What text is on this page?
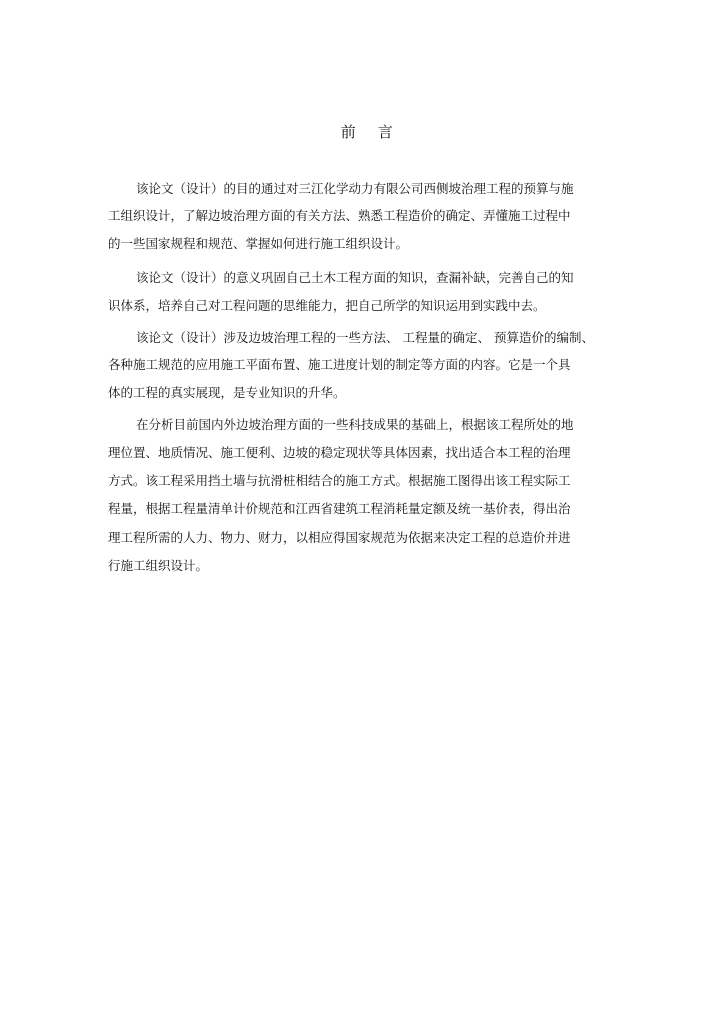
前 言

该论文（设计）的目的通过对三江化学动力有限公司西侧坡治理工程的预算与施
工组织设计，了解边坡治理方面的有关方法、熟悉工程造价的确定、弄懂施工过程中
的一些国家规程和规范、掌握如何进行施工组织设计。
该论文（设计）的意义巩固自己土木工程方面的知识，查漏补缺，完善自己的知
识体系，培养自己对工程问题的思维能力，把自己所学的知识运用到实践中去。
该论文（设计）涉及边坡治理工程的一些方法、 工程量的确定、 预算造价的编制、
各种施工规范的应用施工平面布置、施工进度计划的制定等方面的内容。它是一个具
体的工程的真实展现，是专业知识的升华。
在分析目前国内外边坡治理方面的一些科技成果的基础上，根据该工程所处的地
理位置、地质情况、施工便利、边坡的稳定现状等具体因素，找出适合本工程的治理
方式。该工程采用挡土墙与抗滑桩相结合的施工方式。根据施工图得出该工程实际工
程量，根据工程量清单计价规范和江西省建筑工程消耗量定额及统一基价表，得出治
理工程所需的人力、物力、财力，以相应得国家规范为依据来决定工程的总造价并进
行施工组织设计。
